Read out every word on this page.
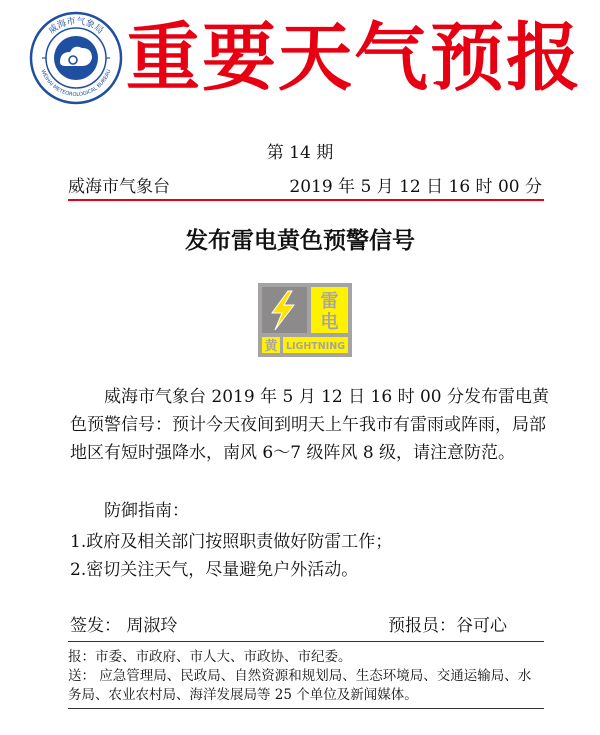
威海市气象局
WEIHAI METEOROLOGICAL BUREAU 重要天气预报
第 14 期
威海市气象台	2019 年 5 月 12 日 16 时 00 分
发布雷电黄色预警信号
雷
电
黄 LIGHTNING

威海市气象台 2019 年 5 月 12 日 16 时 00 分发布雷电黄色预警信号：预计今天夜间到明天上午我市有雷雨或阵雨，局部地区有短时强降水，南风 6～7 级阵风 8 级，请注意防范。

防御指南：
1.政府及相关部门按照职责做好防雷工作；
2.密切关注天气，尽量避免户外活动。
签发： 周淑玲	预报员：谷可心

报：市委、市政府、市人大、市政协、市纪委。

送： 应急管理局、民政局、自然资源和规划局、生态环境局、交通运输局、水务局、农业农村局、海洋发展局等 25 个单位及新闻媒体。
